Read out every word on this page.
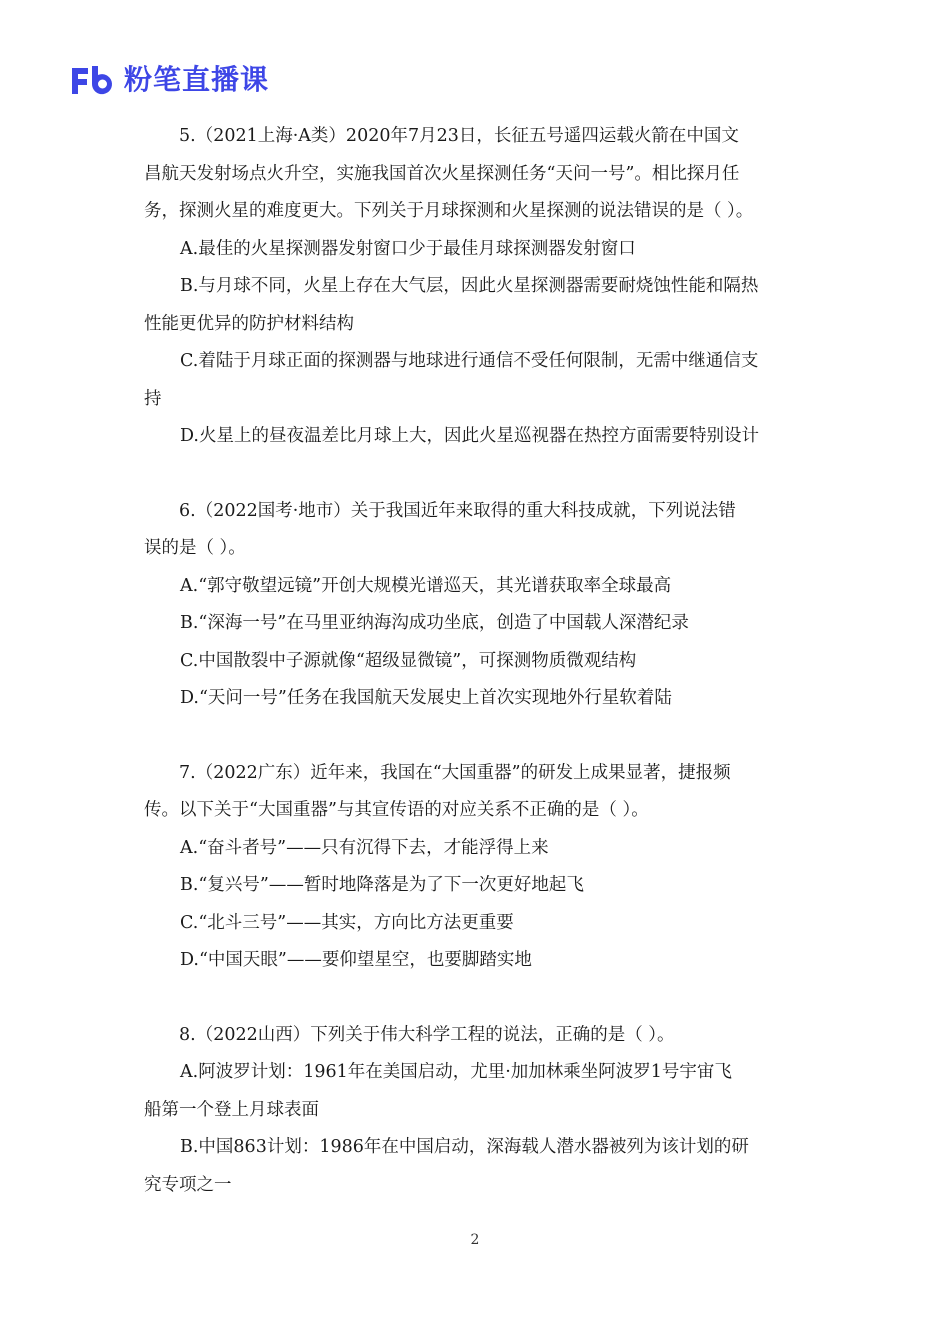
粉笔直播课
5.（2021上海·A类）2020年7月23日，长征五号遥四运载火箭在中国文
昌航天发射场点火升空，实施我国首次火星探测任务“天问一号”。相比探月任
务，探测火星的难度更大。下列关于月球探测和火星探测的说法错误的是（ ）。
A.最佳的火星探测器发射窗口少于最佳月球探测器发射窗口
B.与月球不同，火星上存在大气层，因此火星探测器需要耐烧蚀性能和隔热
性能更优异的防护材料结构
C.着陆于月球正面的探测器与地球进行通信不受任何限制，无需中继通信支
持
D.火星上的昼夜温差比月球上大，因此火星巡视器在热控方面需要特别设计
6.（2022国考·地市）关于我国近年来取得的重大科技成就，下列说法错
误的是（ ）。
A.“郭守敬望远镜”开创大规模光谱巡天，其光谱获取率全球最高
B.“深海一号”在马里亚纳海沟成功坐底，创造了中国载人深潜纪录
C.中国散裂中子源就像“超级显微镜”，可探测物质微观结构
D.“天问一号”任务在我国航天发展史上首次实现地外行星软着陆
7.（2022广东）近年来，我国在“大国重器”的研发上成果显著，捷报频
传。以下关于“大国重器”与其宣传语的对应关系不正确的是（ ）。
A.“奋斗者号”——只有沉得下去，才能浮得上来
B.“复兴号”——暂时地降落是为了下一次更好地起飞
C.“北斗三号”——其实，方向比方法更重要
D.“中国天眼”——要仰望星空，也要脚踏实地
8.（2022山西）下列关于伟大科学工程的说法，正确的是（ ）。
A.阿波罗计划：1961年在美国启动，尤里·加加林乘坐阿波罗1号宇宙飞
船第一个登上月球表面
B.中国863计划：1986年在中国启动，深海载人潜水器被列为该计划的研
究专项之一
2
